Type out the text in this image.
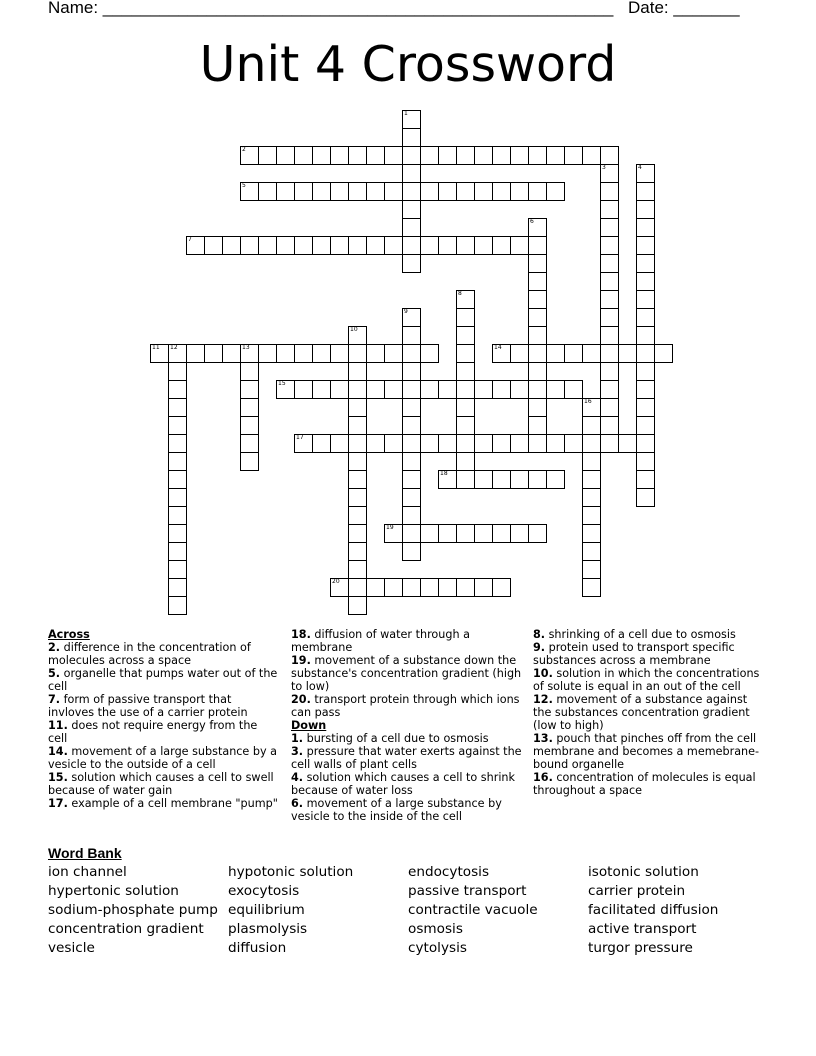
Name: ______________________________________________________ Date: _______
Unit 4 Crossword
1
2
3	4
5
6
7
8
9
10
11 12	13	14
15
16
17
18
19
20
Across
2. difference in the concentration of molecules across a space
5. organelle that pumps water out of the cell
7. form of passive transport that invloves the use of a carrier protein
11. does not require energy from the cell
14. movement of a large substance by a vesicle to the outside of a cell
15. solution which causes a cell to swell because of water gain
17. example of a cell membrane "pump"
18. diffusion of water through a membrane
19. movement of a substance down the substance's concentration gradient (high to low)
20. transport protein through which ions can pass
Down
1. bursting of a cell due to osmosis
3. pressure that water exerts against the cell walls of plant cells
4. solution which causes a cell to shrink because of water loss
6. movement of a large substance by vesicle to the inside of the cell
8. shrinking of a cell due to osmosis
9. protein used to transport specific substances across a membrane
10. solution in which the concentrations of solute is equal in an out of the cell
12. movement of a substance against the substances concentration gradient (low to high)
13. pouch that pinches off from the cell membrane and becomes a memebrane-bound organelle
16. concentration of molecules is equal throughout a space
Word Bank
ion channel
hypertonic solution
sodium-phosphate pump
concentration gradient
vesicle
hypotonic solution
exocytosis
equilibrium
plasmolysis
diffusion
endocytosis
passive transport
contractile vacuole
osmosis
cytolysis
isotonic solution
carrier protein
facilitated diffusion
active transport
turgor pressure
